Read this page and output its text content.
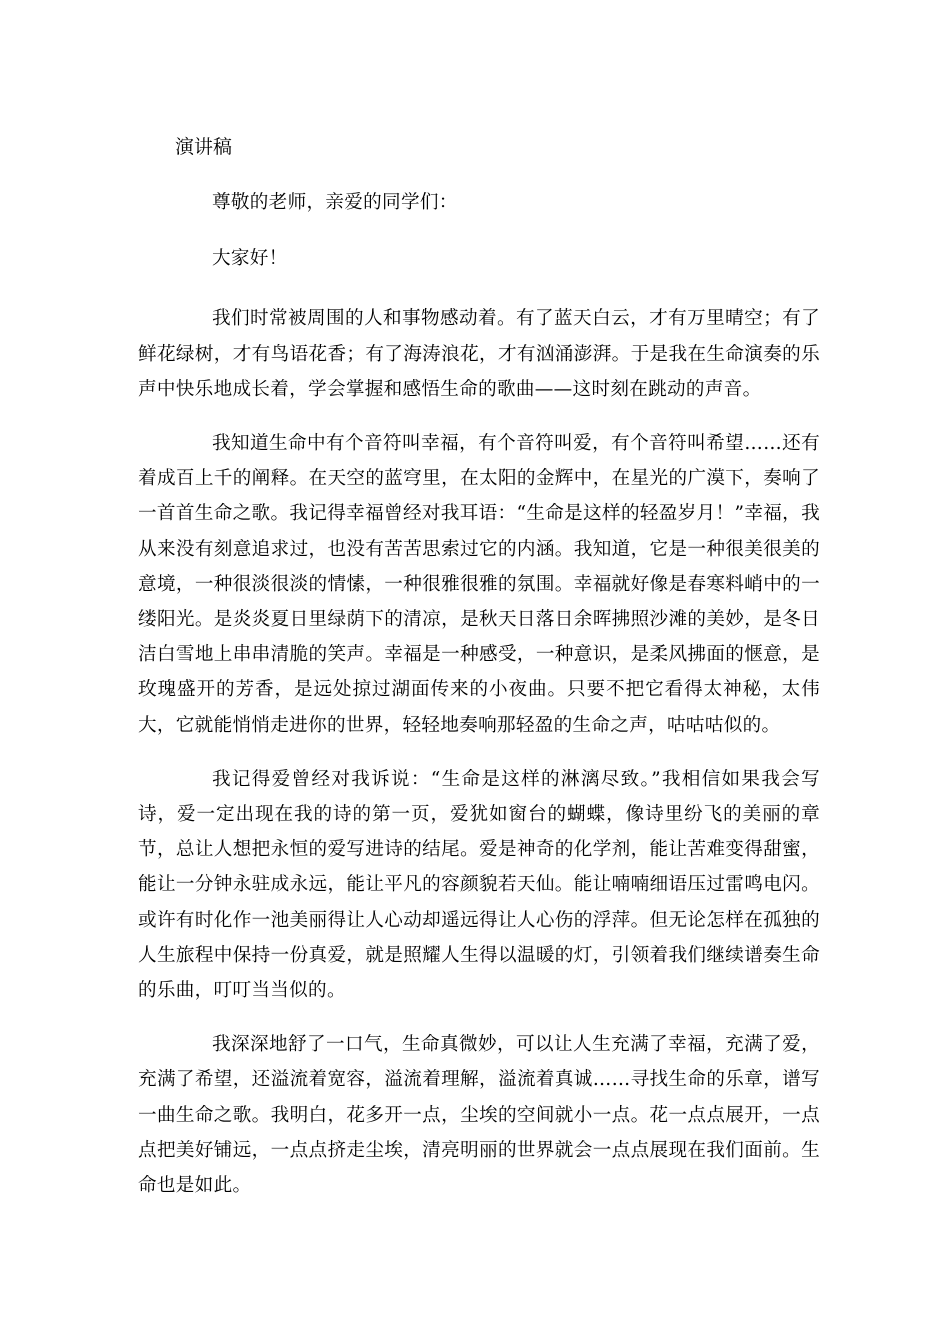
演讲稿

尊敬的老师，亲爱的同学们：

大家好！

我们时常被周围的人和事物感动着。有了蓝天白云，才有万里晴空；有了鲜花绿树，才有鸟语花香；有了海涛浪花，才有汹涌澎湃。于是我在生命演奏的乐声中快乐地成长着，学会掌握和感悟生命的歌曲——这时刻在跳动的声音。

我知道生命中有个音符叫幸福，有个音符叫爱，有个音符叫希望……还有着成百上千的阐释。在天空的蓝穹里，在太阳的金辉中，在星光的广漠下，奏响了一首首生命之歌。我记得幸福曾经对我耳语：“生命是这样的轻盈岁月！”幸福，我从来没有刻意追求过，也没有苦苦思索过它的内涵。我知道，它是一种很美很美的意境，一种很淡很淡的情愫，一种很雅很雅的氛围。幸福就好像是春寒料峭中的一缕阳光。是炎炎夏日里绿荫下的清凉，是秋天日落日余晖拂照沙滩的美妙，是冬日洁白雪地上串串清脆的笑声。幸福是一种感受，一种意识，是柔风拂面的惬意，是玫瑰盛开的芳香，是远处掠过湖面传来的小夜曲。只要不把它看得太神秘，太伟大，它就能悄悄走进你的世界，轻轻地奏响那轻盈的生命之声，咕咕咕似的。

我记得爱曾经对我诉说：“生命是这样的淋漓尽致。”我相信如果我会写诗，爱一定出现在我的诗的第一页，爱犹如窗台的蝴蝶，像诗里纷飞的美丽的章节，总让人想把永恒的爱写进诗的结尾。爱是神奇的化学剂，能让苦难变得甜蜜，能让一分钟永驻成永远，能让平凡的容颜貌若天仙。能让喃喃细语压过雷鸣电闪。或许有时化作一池美丽得让人心动却遥远得让人心伤的浮萍。但无论怎样在孤独的人生旅程中保持一份真爱，就是照耀人生得以温暖的灯，引领着我们继续谱奏生命的乐曲，叮叮当当似的。

我深深地舒了一口气，生命真微妙，可以让人生充满了幸福，充满了爱，充满了希望，还溢流着宽容，溢流着理解，溢流着真诚……寻找生命的乐章，谱写一曲生命之歌。我明白，花多开一点，尘埃的空间就小一点。花一点点展开，一点点把美好铺远，一点点挤走尘埃，清亮明丽的世界就会一点点展现在我们面前。生命也是如此。
